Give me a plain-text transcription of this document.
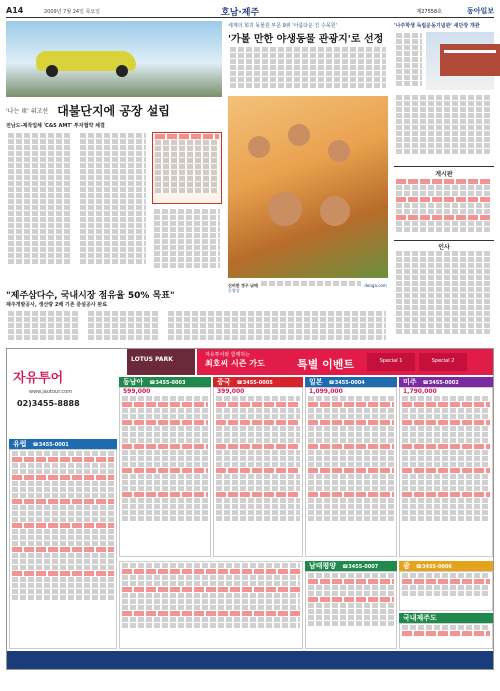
A14	2009년 7월 24일 목요일	호남·제주	제27558호	동아일보
'나는 車' 위고선 대불단지에 공장 설립
전남도-제작업체 'C&S AMT' 투자협약 체결
세계의 희귀 동물원 부문 9위 '아름다운 진 수목원'
'가볼 만한 야생동물 관광지'로 선정
신비한 정구 낚때	donga.com 동영상
'나주학생 독립운동기념관' 새단장 개관
게시판
인사
"제주삼다수, 국내시장 점유율 50% 목표"
제주개발공사, 생산량 2배 기존 증설공사 완료
자유투어
www.jautour.com
02)3455-8888
LOTUS PARK
자유투어와 함께하는
최호씨 시즌 가도	특별 이벤트	Special 1	Special 2
동남아 ☎3455-0003
599,000
중국 ☎3455-0005
399,000
일본 ☎3455-0004
1,099,000
미주 ☎3455-0002
1,790,000
유럽 ☎3455-0001
남태평양 ☎3455-0007	괌 ☎3455-0006
국내제주도
